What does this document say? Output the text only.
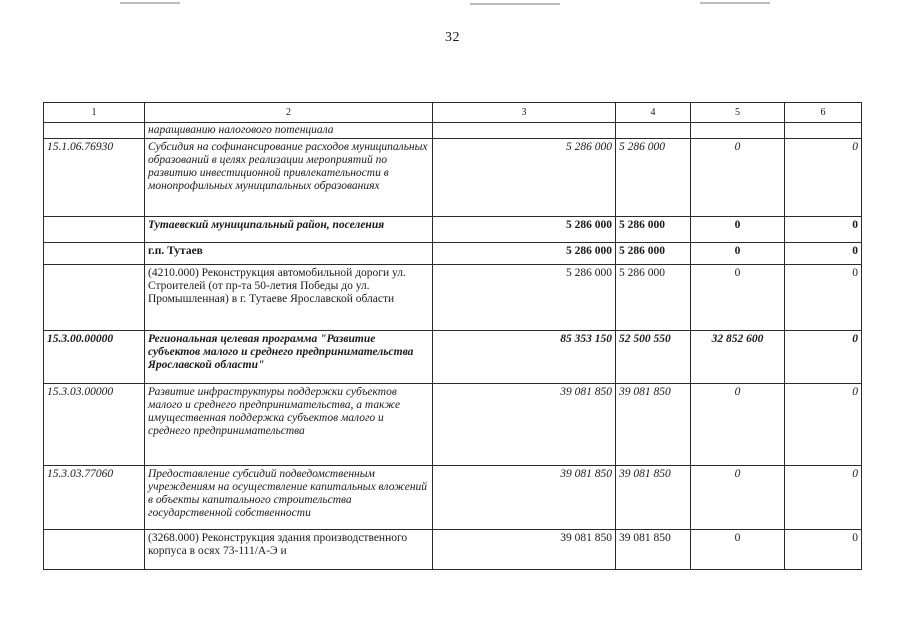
32
1	2	3	4	5	6
	наращиванию налогового потенциала				
15.1.06.76930	Субсидия на софинансирование расходов муниципальных образований в целях реализации мероприятий по развитию инвестиционной привлекательности в монопрофильных муниципальных образованиях	5 286 000	5 286 000	0	0
	Тутаевский муниципальный район, поселения	5 286 000	5 286 000	0	0
	г.п. Тутаев	5 286 000	5 286 000	0	0
	(4210.000) Реконструкция автомобильной дороги ул. Строителей (от пр-та 50-летия Победы до ул. Промышленная) в г. Тутаеве Ярославской области	5 286 000	5 286 000	0	0
15.3.00.00000	Региональная целевая программа "Развитие субъектов малого и среднего предпринимательства Ярославской области"	85 353 150	52 500 550	32 852 600	0
15.3.03.00000	Развитие инфраструктуры поддержки субъектов малого и среднего предпринимательства, а также имущественная поддержка субъектов малого и среднего предпринимательства	39 081 850	39 081 850	0	0
15.3.03.77060	Предоставление субсидий подведомственным учреждениям на осуществление капитальных вложений в объекты капитального строительства государственной собственности	39 081 850	39 081 850	0	0
	(3268.000) Реконструкция здания производственного корпуса в осях 73-111/А-Э и	39 081 850	39 081 850	0	0
